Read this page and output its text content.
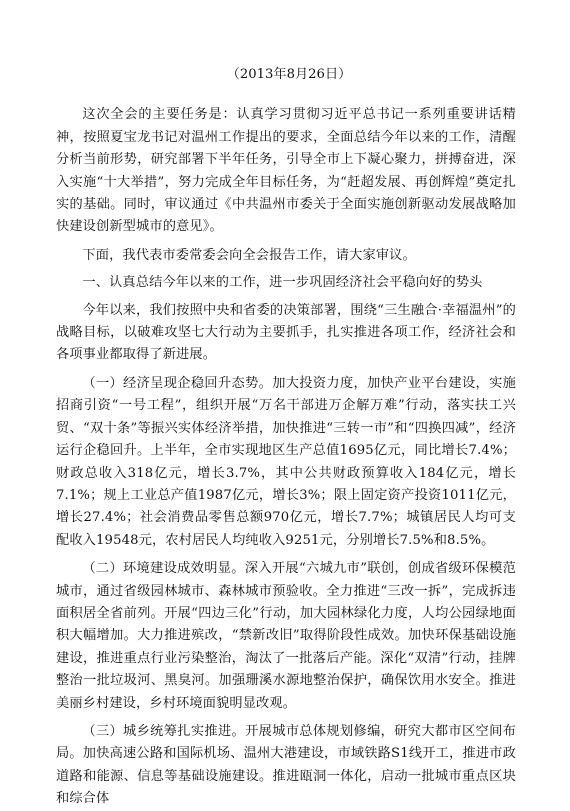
（2013年8月26日）

这次全会的主要任务是：认真学习贯彻习近平总书记一系列重要讲话精神，按照夏宝龙书记对温州工作提出的要求，全面总结今年以来的工作，清醒分析当前形势，研究部署下半年任务，引导全市上下凝心聚力，拼搏奋进，深入实施“十大举措”，努力完成全年目标任务，为“赶超发展、再创辉煌”奠定扎实的基础。同时，审议通过《中共温州市委关于全面实施创新驱动发展战略加快建设创新型城市的意见》。

下面，我代表市委常委会向全会报告工作，请大家审议。

一、认真总结今年以来的工作，进一步巩固经济社会平稳向好的势头

今年以来，我们按照中央和省委的决策部署，围绕“三生融合·幸福温州”的战略目标，以破难攻坚七大行动为主要抓手，扎实推进各项工作，经济社会和各项事业都取得了新进展。

（一）经济呈现企稳回升态势。加大投资力度，加快产业平台建设，实施招商引资“一号工程”，组织开展“万名干部进万企解万难”行动，落实扶工兴贸、“双十条”等振兴实体经济举措，加快推进“三转一市”和“四换四减”，经济运行企稳回升。上半年，全市实现地区生产总值1695亿元，同比增长7.4%；财政总收入318亿元，增长3.7%，其中公共财政预算收入184亿元，增长7.1%；规上工业总产值1987亿元，增长3%；限上固定资产投资1011亿元，增长27.4%；社会消费品零售总额970亿元，增长7.7%；城镇居民人均可支配收入19548元，农村居民人均纯收入9251元，分别增长7.5%和8.5%。

（二）环境建设成效明显。深入开展“六城九市”联创，创成省级环保模范城市，通过省级园林城市、森林城市预验收。全力推进“三改一拆”，完成拆违面积居全省前列。开展“四边三化”行动，加大园林绿化力度，人均公园绿地面积大幅增加。大力推进殡改，“禁新改旧”取得阶段性成效。加快环保基础设施建设，推进重点行业污染整治，淘汰了一批落后产能。深化“双清”行动，挂牌整治一批垃圾河、黑臭河。加强珊溪水源地整治保护，确保饮用水安全。推进美丽乡村建设，乡村环境面貌明显改观。

（三）城乡统筹扎实推进。开展城市总体规划修编，研究大都市区空间布局。加快高速公路和国际机场、温州大港建设，市域铁路S1线开工，推进市政道路和能源、信息等基础设施建设。推进瓯洞一体化，启动一批城市重点区块和综合体
